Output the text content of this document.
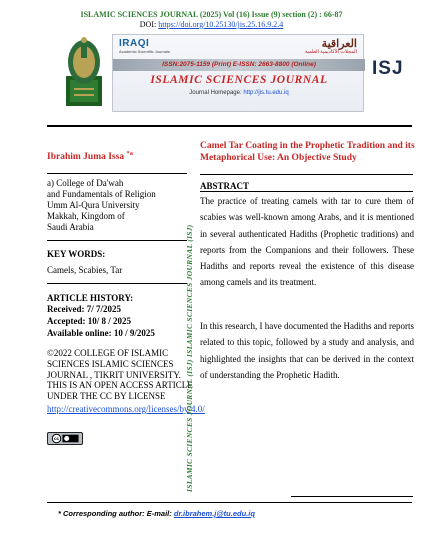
ISLAMIC SCIENCES JOURNAL (2025) Vol (16) Issue (9) section (2) : 66-87
DOI: https://doi.org/10.25130/jis.25.16.9.2.4
IRAQI
Academic Scientific Journals
العراقية
المجلات الأكاديمية العلمية
ISSN:2075-1159 (Print) E-ISSN: 2663-8800 (Online)
ISLAMIC SCIENCES JOURNAL
Journal Homepage: http://jis.tu.edu.iq
ISJ
Camel Tar Coating in the Prophetic Tradition and its Metaphorical Use: An Objective Study
Ibrahim Juma Issa $^{*a}$
a) College of Da'wah
and Fundamentals of Religion
Umm Al-Qura University
Makkah, Kingdom of
Saudi Arabia
KEY WORDS:
Camels, Scabies, Tar
ARTICLE HISTORY:
Received: 7/ 7/2025
Accepted: 10/ 8 / 2025
Available online: 10 / 9/2025
©2022 COLLEGE OF ISLAMIC SCIENCES ISLAMIC SCIENCES JOURNAL , TIKRIT UNIVERSITY. THIS IS AN OPEN ACCESS ARTICLE UNDER THE CC BY LICENSE
http://creativecommons.org/licenses/by/4.0/
cc	ISLAMIC SCIENCES JOURNAL (ISJ) ISLAMIC SCIENCES JOURNAL (ISJ)
ABSTRACT
The practice of treating camels with tar to cure them of scabies was well-known among Arabs, and it is mentioned in several authenticated Hadiths (Prophetic traditions) and reports from the Companions and their followers. These Hadiths and reports reveal the existence of this disease among camels and its treatment.
In this research, I have documented the Hadiths and reports related to this topic, followed by a study and analysis, and highlighted the insights that can be derived in the context of understanding the Prophetic Hadith.
* Corresponding author: E-mail: dr.ibrahem.j@tu.edu.iq
